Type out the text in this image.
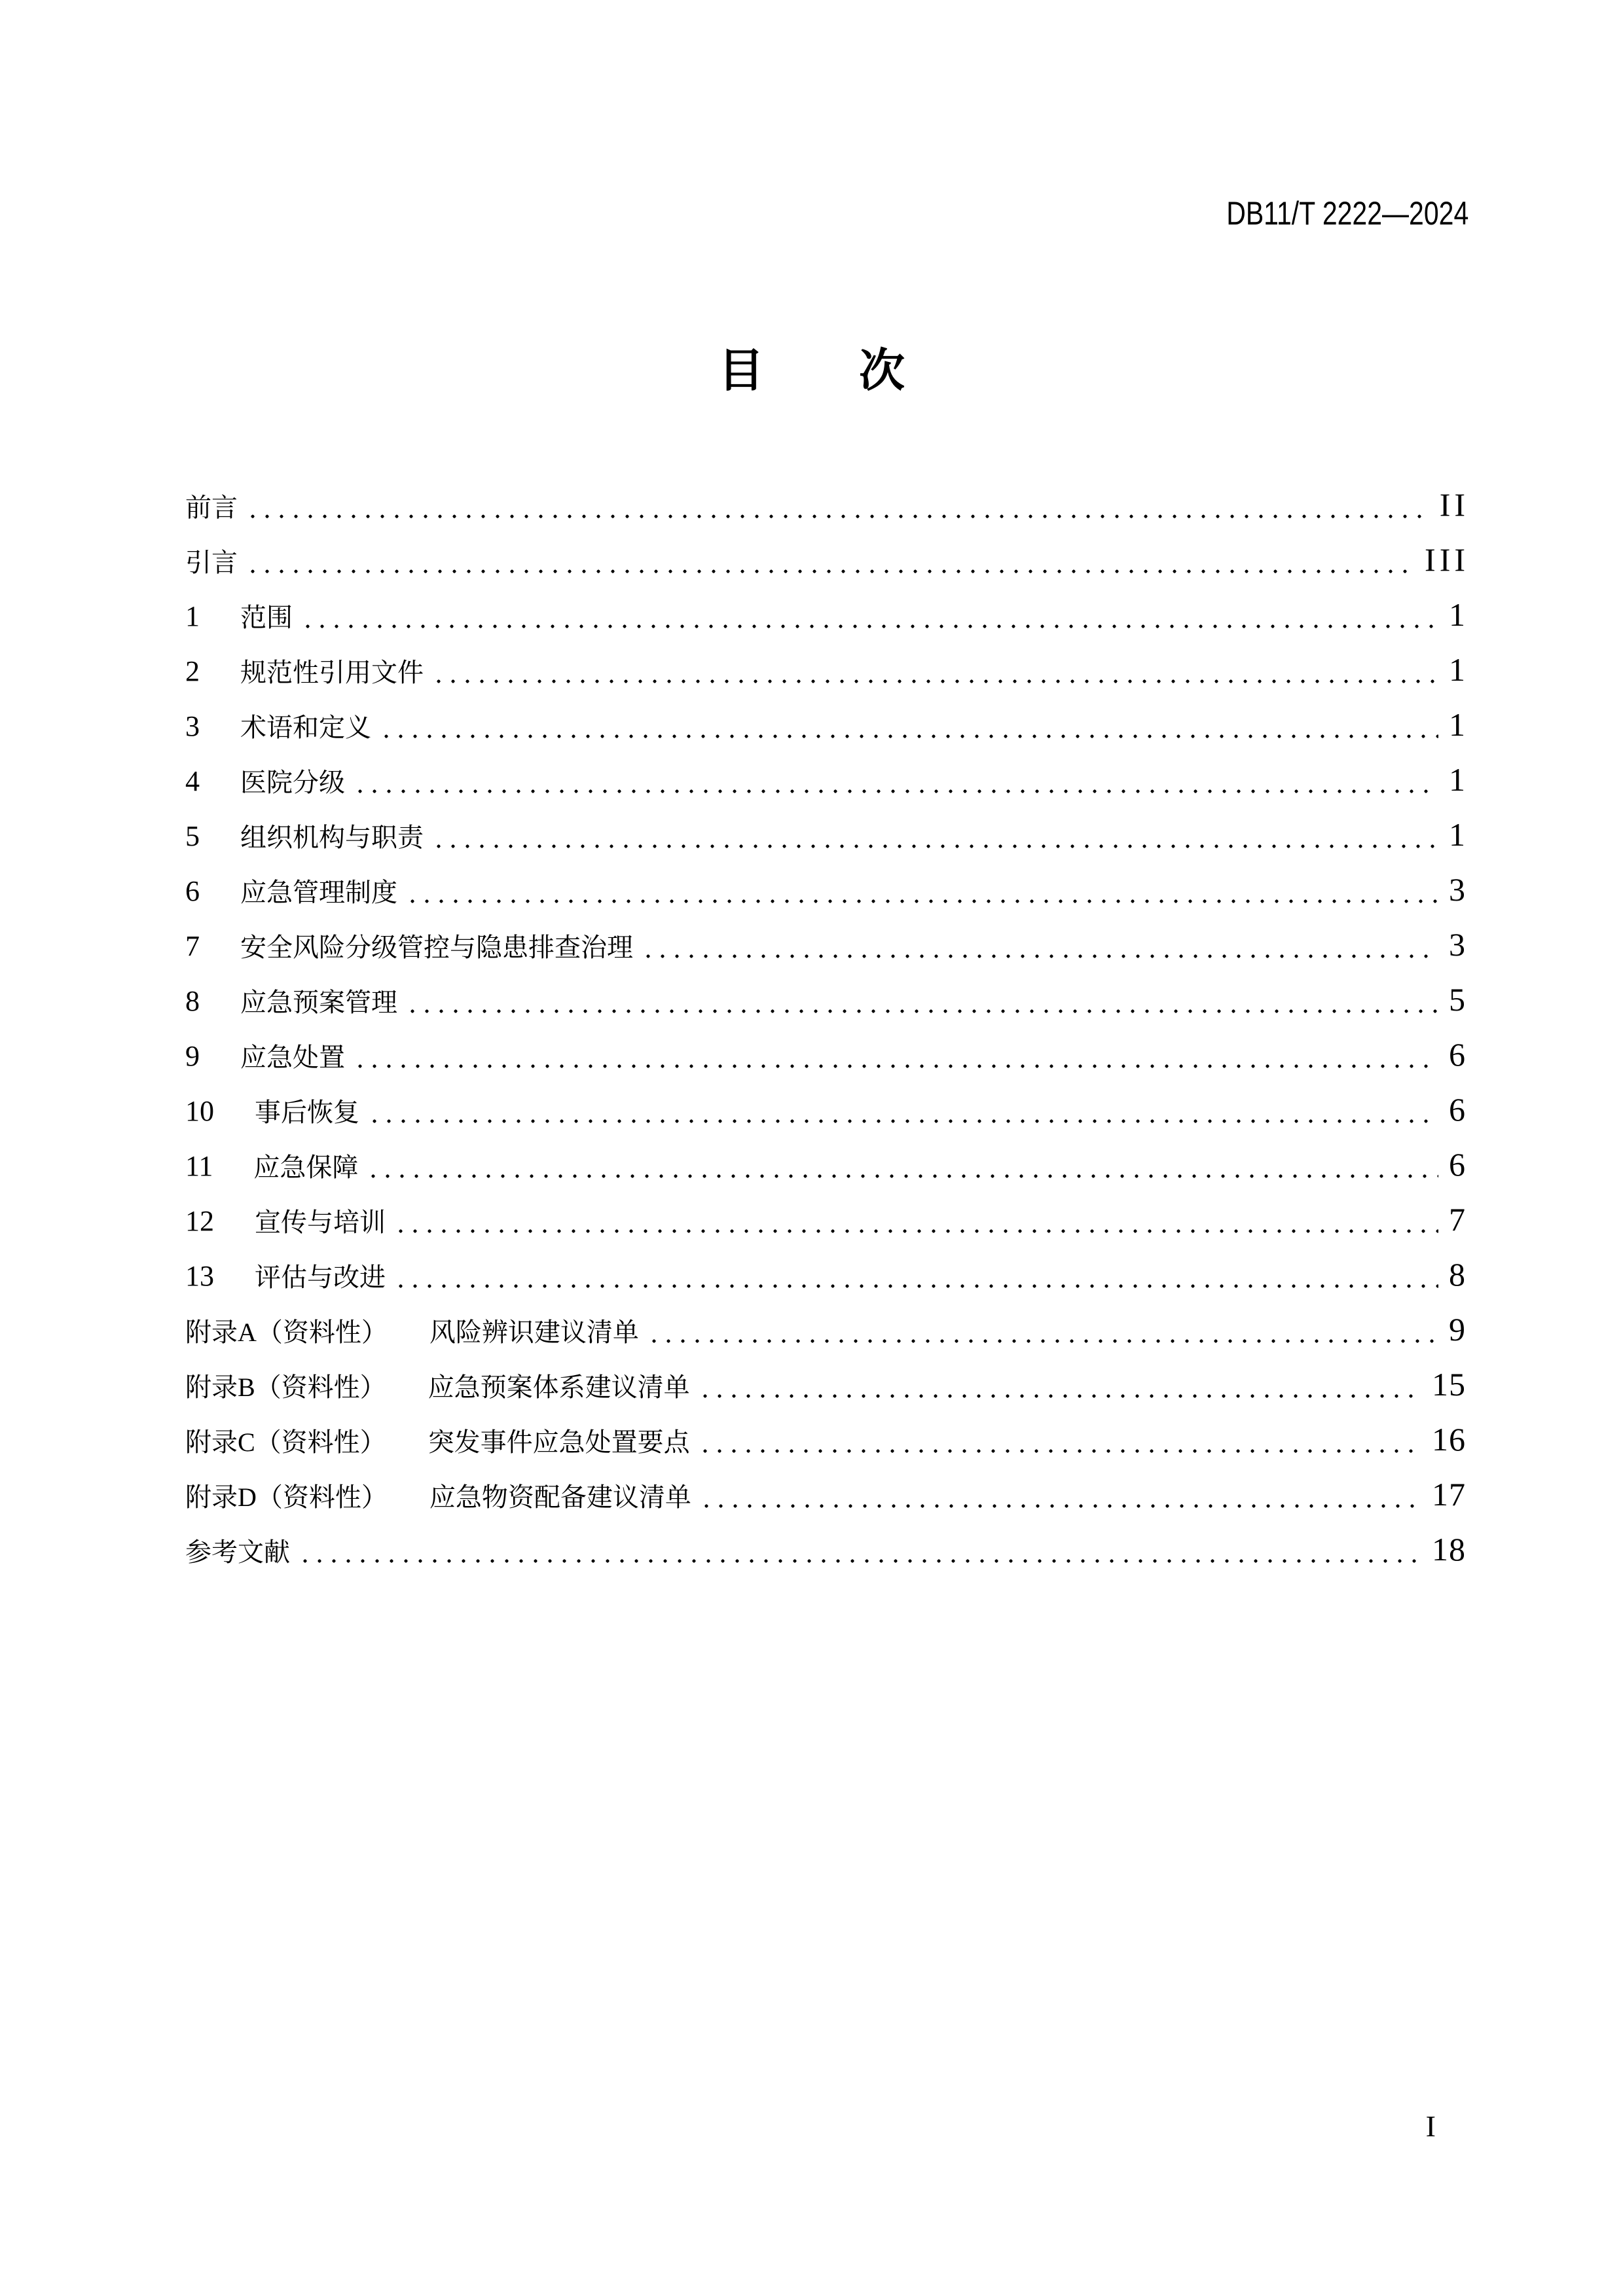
DB11/T 2222—2024
目 次
前言	II
引言	III
1 范围	1
2 规范性引用文件	1
3 术语和定义	1
4 医院分级	1
5 组织机构与职责	1
6 应急管理制度	3
7 安全风险分级管控与隐患排查治理	3
8 应急预案管理	5
9 应急处置	6
10 事后恢复	6
11 应急保障	6
12 宣传与培训	7
13 评估与改进	8
附录A（资料性） 风险辨识建议清单	9
附录B（资料性） 应急预案体系建议清单	15
附录C（资料性） 突发事件应急处置要点	16
附录D（资料性） 应急物资配备建议清单	17
参考文献	18
I
